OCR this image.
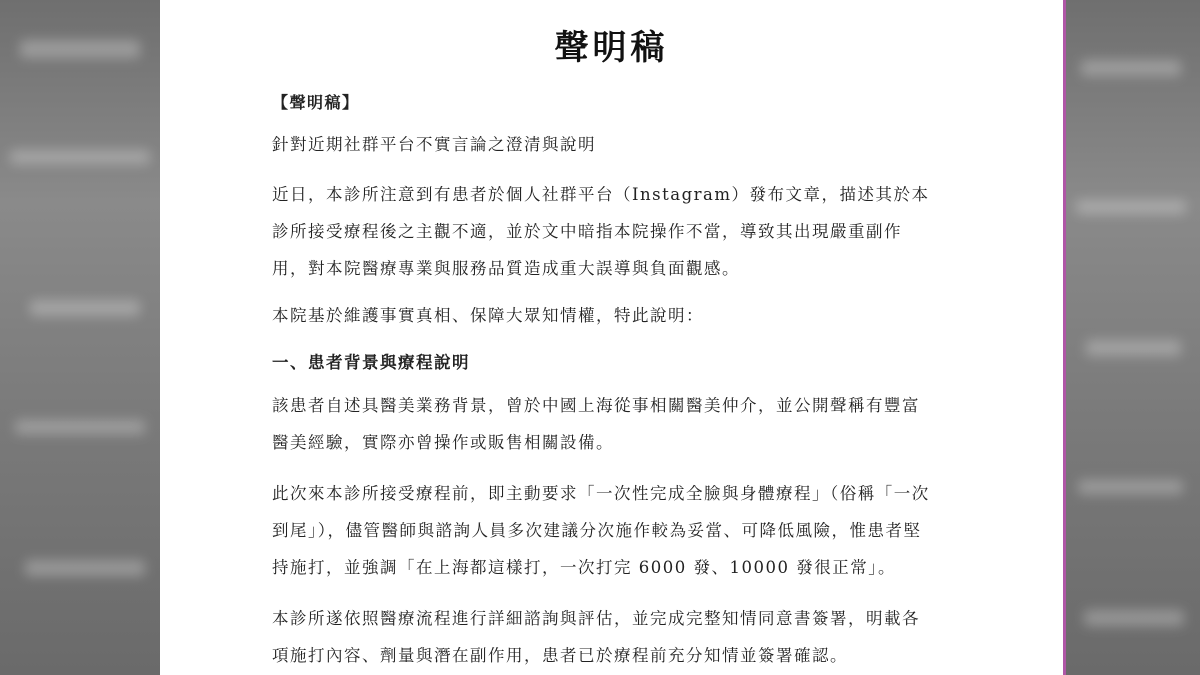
聲明稿
【聲明稿】
針對近期社群平台不實言論之澄清與說明
近日，本診所注意到有患者於個人社群平台（Instagram）發布文章，描述其於本診所接受療程後之主觀不適，並於文中暗指本院操作不當，導致其出現嚴重副作用，對本院醫療專業與服務品質造成重大誤導與負面觀感。
本院基於維護事實真相、保障大眾知情權，特此說明：
一、患者背景與療程說明
該患者自述具醫美業務背景，曾於中國上海從事相關醫美仲介，並公開聲稱有豐富醫美經驗，實際亦曾操作或販售相關設備。
此次來本診所接受療程前，即主動要求「一次性完成全臉與身體療程」（俗稱「一次到尾」），儘管醫師與諮詢人員多次建議分次施作較為妥當、可降低風險，惟患者堅持施打，並強調「在上海都這樣打，一次打完 6000 發、10000 發很正常」。
本診所遂依照醫療流程進行詳細諮詢與評估，並完成完整知情同意書簽署，明載各項施打內容、劑量與潛在副作用，患者已於療程前充分知情並簽署確認。
